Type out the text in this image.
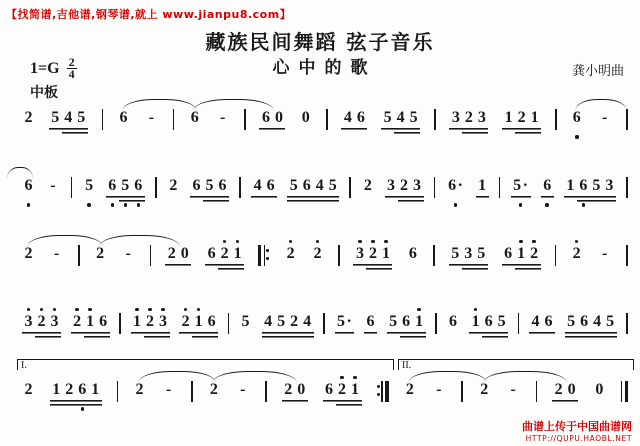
【找简谱,吉他谱,钢琴谱,就上 www.jianpu8.com】
藏族民间舞蹈 弦子音乐
心中的歌
$1=G \frac{2}{4}$
中板
龚小明曲
2 5 4 5 6	-	6	-	6 0 0 4 6 5 4 5 3 2 3 1 2 1 6	-
6	-	5 6 5 6 2 6 5 6 4 6 5 6 4 5 2 3 2 3 6· 1 5· 6 1 6 5 3
2	-	2	-	2 0 6 2 1	2 2 3 2 1 6 5 3 5 6 1 2 2	-
3 2 3 2 1 6 1 2 3 2 1 6 5 4 5 2 4 5· 6 5 6 1 6 1 6 5 4 6 5 6 4 5
2 1 2 6 1 2	-	2	-	2 0 6 2 1	2	-	2	-	2 0 0
I.	II.
曲谱上传于中国曲谱网
HTTP://QUPU.HAOBL.NET
